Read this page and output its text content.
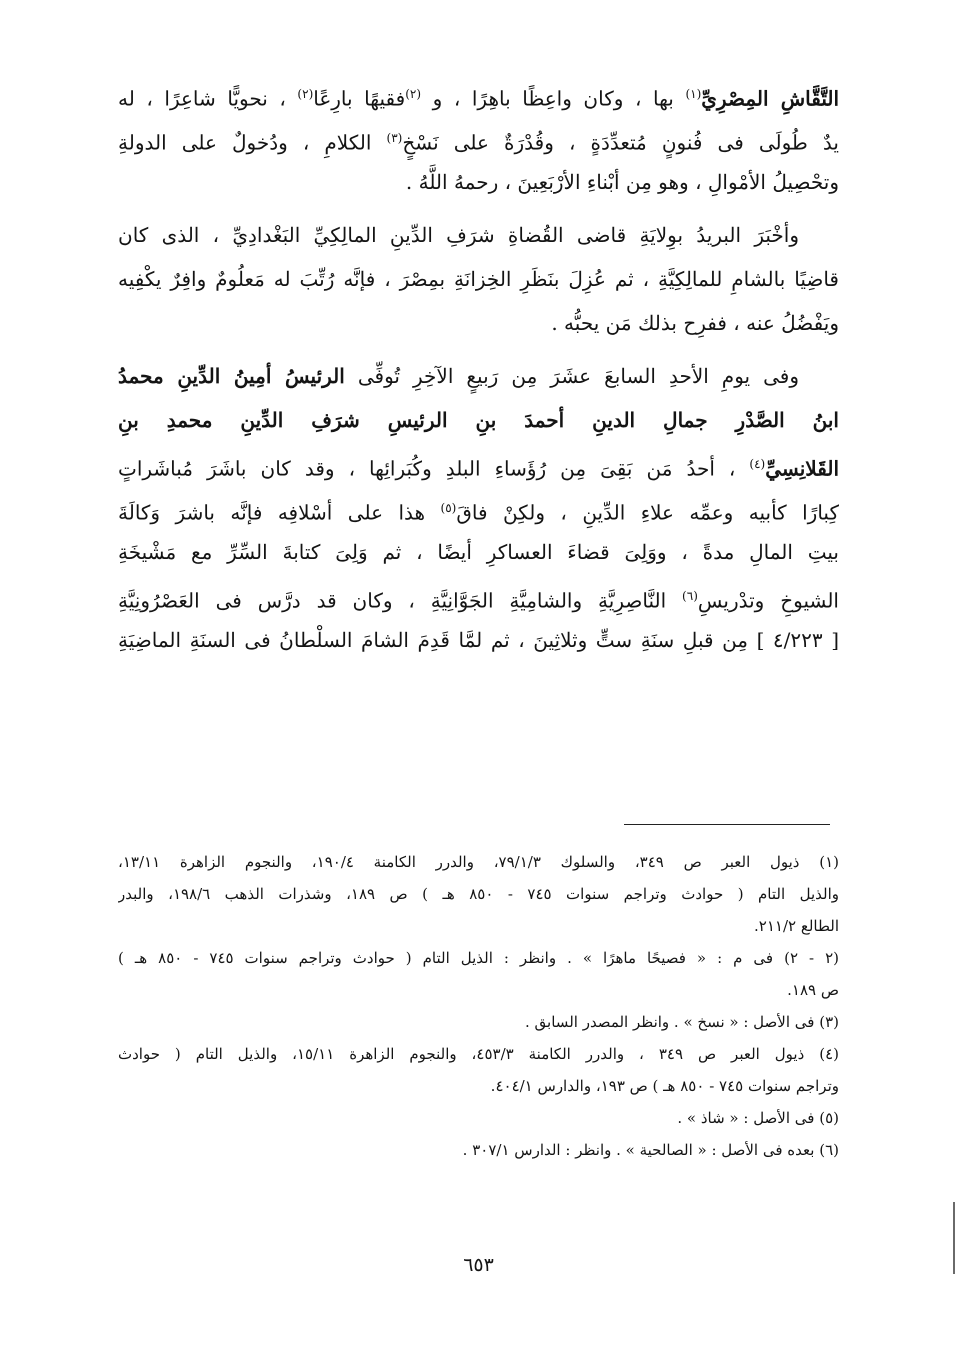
التَّقَّاشِ المِصْرِيِّ$^{(١)}$ بها ، وكان واعِظًا باهِرًا ، و $^{(٢)}$فقيهًا بارِعًا$^{(٢)}$ ، نحويًّا شاعِرًا ، له
يدٌ طُولَى فى فُنونٍ مُتعدِّدَةٍ ، وقُدْرَةٌ على نَسْخٍ$^{(٣)}$ الكلامِ ، ودُخولٌ على الدولةِ
وتحْصِيلُ الأمْوالِ ، وهو مِن أبْناءِ الأرْبَعِينَ ، رحمهُ اللَّهُ .
وأخْبَرَ البريدُ بوِلايَةِ قاضى القُضاةِ شرَفِ الدِّينِ المالِكِيِّ البَغْدادِيِّ ، الذى كان
قاضِيًا بالشامِ للمالِكِيَّةِ ، ثم عُزِلَ بنَظَرِ الخِزانَةِ بمِصْرَ ، فإنَّه رُتِّبَ له مَعلُومٌ وافِرٌ يكْفِيه
ويَفْضُلُ عنه ، ففرِح بذلك مَن يحبُّه .
وفى يومِ الأحدِ السابعَ عشَرَ مِن رَبيعٍ الآخِرِ تُوفِّى الرئيسُ أمِينُ الدِّينِ محمدُ
ابنُ الصَّدْرِ جمالِ الدينِ أحمدَ بنِ الرئيسِ شرَفِ الدِّينِ محمدِ بنِ
القَلانِسِيِّ$^{(٤)}$ ، أحدُ مَن بَقِىَ مِن رُؤَساءِ البلدِ وكُبَرائِها ، وقد كان باشَرَ مُباشَراتٍ
كِبارًا كأبيه وعمِّه علاءِ الدِّينِ ، ولكِنْ فاقَ$^{(٥)}$ هذا على أسْلافِه فإنَّه باشرَ وَكالَةَ
بيتِ المالِ مدةً ، ووَلِىَ قضاءَ العساكرِ أيضًا ، ثم وَلِىَ كتابةَ السِّرِّ مع مَشْيخَةِ
الشيوخِ وتدْريسِ$^{(٦)}$ النَّاصِرِيَّةِ والشامِيَّةِ الجَوَّانِيَّةِ ، وكان قد درَّس فى العَصْرُونِيَّةِ
[ ٤/٢٢٣ ] مِن قبلِ سنَةِ ستٍّ وثلاثِينَ ، ثم لمَّا قَدِمَ الشامَ السلْطانُ فى السنَةِ الماضِيَةِ
(١) ذيول العبر ص ٣٤٩، والسلوك ٧٩/١/٣، والدرر الكامنة ١٩٠/٤، والنجوم الزاهرة ١٣/١١،
والذيل التام ( حوادث وتراجم سنوات ٧٤٥ - ٨٥٠ هـ ) ص ١٨٩، وشذرات الذهب ١٩٨/٦، والبدر
الطالع ٢١١/٢.
(٢ - ٢) فى م : « فصيحًا ماهرًا » . وانظر : الذيل التام ( حوادث وتراجم سنوات ٧٤٥ - ٨٥٠ هـ )
ص ١٨٩.
(٣) فى الأصل : « نسخ » . وانظر المصدر السابق .
(٤) ذيول العبر ص ٣٤٩ ، والدرر الكامنة ٤٥٣/٣، والنجوم الزاهرة ١٥/١١، والذيل التام ( حوادث
وتراجم سنوات ٧٤٥ - ٨٥٠ هـ ) ص ١٩٣، والدارس ٤٠٤/١.
(٥) فى الأصل : « شاذ » .
(٦) بعده فى الأصل : « الصالحية » . وانظر : الدارس ٣٠٧/١ .
٦٥٣
